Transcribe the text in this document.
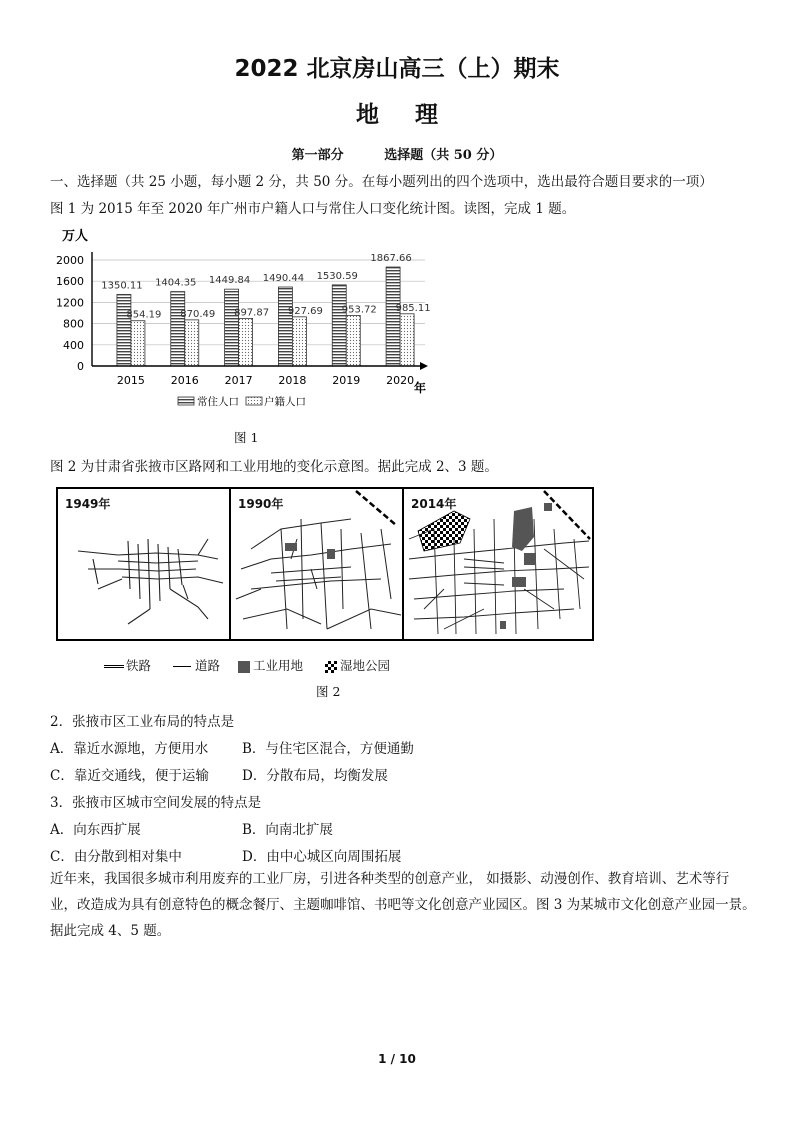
2022 北京房山高三（上）期末
地理
第一部分	选择题（共 50 分）
一、选择题（共 25 小题，每小题 2 分，共 50 分。在每小题列出的四个选项中，选出最符合题目要求的一项）
图 1 为 2015 年至 2020 年广州市户籍人口与常住人口变化统计图。读图，完成 1 题。
万人
0
400
800
1200
1600
2000
1350.11
854.19
1404.35
870.49
1449.84
897.87
1490.44
927.69
1530.59
953.72
1867.66
985.11
2015 2016 2017 2018 2019 2020
年
常住人口 户籍人口
图 1
图 2 为甘肃省张掖市区路网和工业用地的变化示意图。据此完成 2、3 题。
1949年	1990年	2014年
铁路	道路	工业用地	湿地公园
图 2
2．张掖市区工业布局的特点是
A．靠近水源地，方便用水	B．与住宅区混合，方便通勤
C．靠近交通线，便于运输 D．分散布局，均衡发展
3．张掖市区城市空间发展的特点是
A．向东西扩展	B．向南北扩展
C．由分散到相对集中	D．由中心城区向周围拓展
近年来，我国很多城市利用废弃的工业厂房，引进各种类型的创意产业， 如摄影、动漫创作、教育培训、艺术等行业，改造成为具有创意特色的概念餐厅、主题咖啡馆、书吧等文化创意产业园区。图 3 为某城市文化创意产业园一景。据此完成 4、5 题。
1 / 10
